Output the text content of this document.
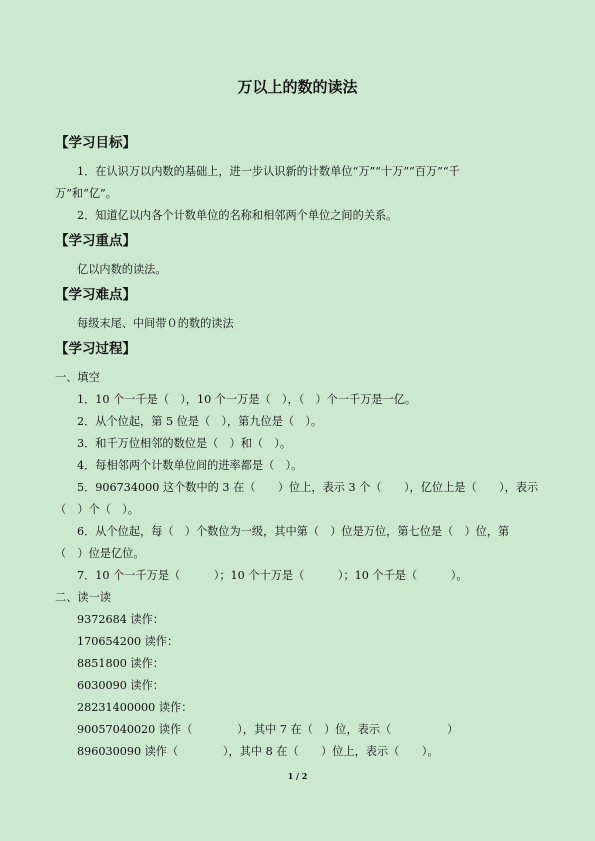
万以上的数的读法
【学习目标】
1．在认识万以内数的基础上，进一步认识新的计数单位“万”“十万”“百万”“千
万”和“亿”。
2．知道亿以内各个计数单位的名称和相邻两个单位之间的关系。
【学习重点】
亿以内数的读法。
【学习难点】
每级末尾、中间带０的数的读法
【学习过程】
一、填空
1．10 个一千是（　），10 个一万是（　），（　）个一千万是一亿。
2．从个位起，第 5 位是（　），第九位是（　）。
3．和千万位相邻的数位是（　）和（　）。
4．每相邻两个计数单位间的进率都是（　）。
5．906734000 这个数中的 3 在（　　）位上，表示 3 个（　　），亿位上是（　　），表示
（　）个（　）。
6．从个位起，每（　）个数位为一级，其中第（　）位是万位，第七位是（　）位，第
（　）位是亿位。
7．10 个一千万是（　　　）；10 个十万是（　　　）；10 个千是（　　　）。
二、读一读
9372684 读作：
170654200 读作：
8851800 读作：
6030090 读作：
28231400000 读作：
90057040020 读作（　　　　），其中 7 在（　）位，表示（　　　　　）
896030090 读作（　　　　），其中 8 在（　　）位上，表示（　　）。
1 / 2
